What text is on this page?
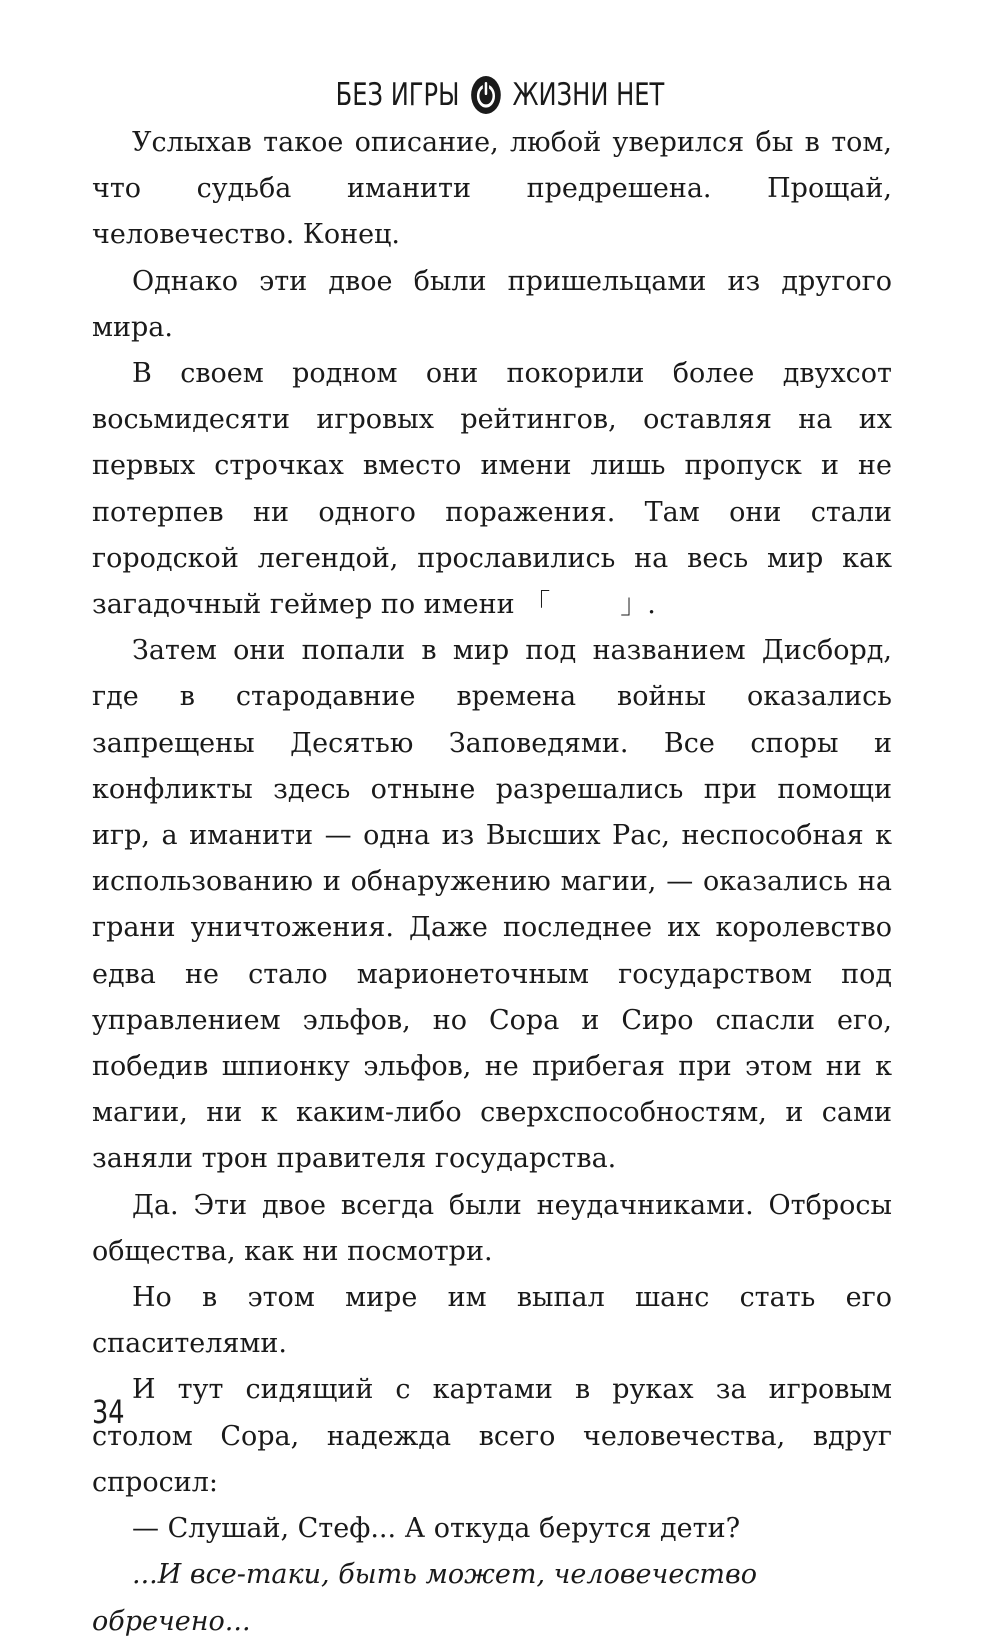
БЕЗ ИГРЫ ЖИЗНИ НЕТ

Услыхав такое описание, любой уверился бы в том, что судьба иманити предрешена. Прощай, человечество. Конец.

Однако эти двое были пришельцами из другого мира.

В своем родном они покорили более двухсот восьмидесяти игровых рейтингов, оставляя на их первых строчках вместо имени лишь пропуск и не потерпев ни одного поражения. Там они стали городской легендой, прославились на весь мир как загадочный геймер по имени 「	」.

Затем они попали в мир под названием Дисборд, где в стародавние времена войны оказались запрещены Десятью Заповедями. Все споры и конфликты здесь отныне разрешались при помощи игр, а иманити — одна из Высших Рас, неспособная к использованию и обнаружению магии, — оказались на грани уничтожения. Даже последнее их королевство едва не стало марионеточным государством под управлением эльфов, но Сора и Сиро спасли его, победив шпионку эльфов, не прибегая при этом ни к магии, ни к каким-либо сверхспособностям, и сами заняли трон правителя государства.

Да. Эти двое всегда были неудачниками. Отбросы общества, как ни посмотри.

Но в этом мире им выпал шанс стать его спасителями.

И тут сидящий с картами в руках за игровым столом Сора, надежда всего человечества, вдруг спросил:

— Слушай, Стеф... А откуда берутся дети?

...И все-таки, быть может, человечество обречено...

34
